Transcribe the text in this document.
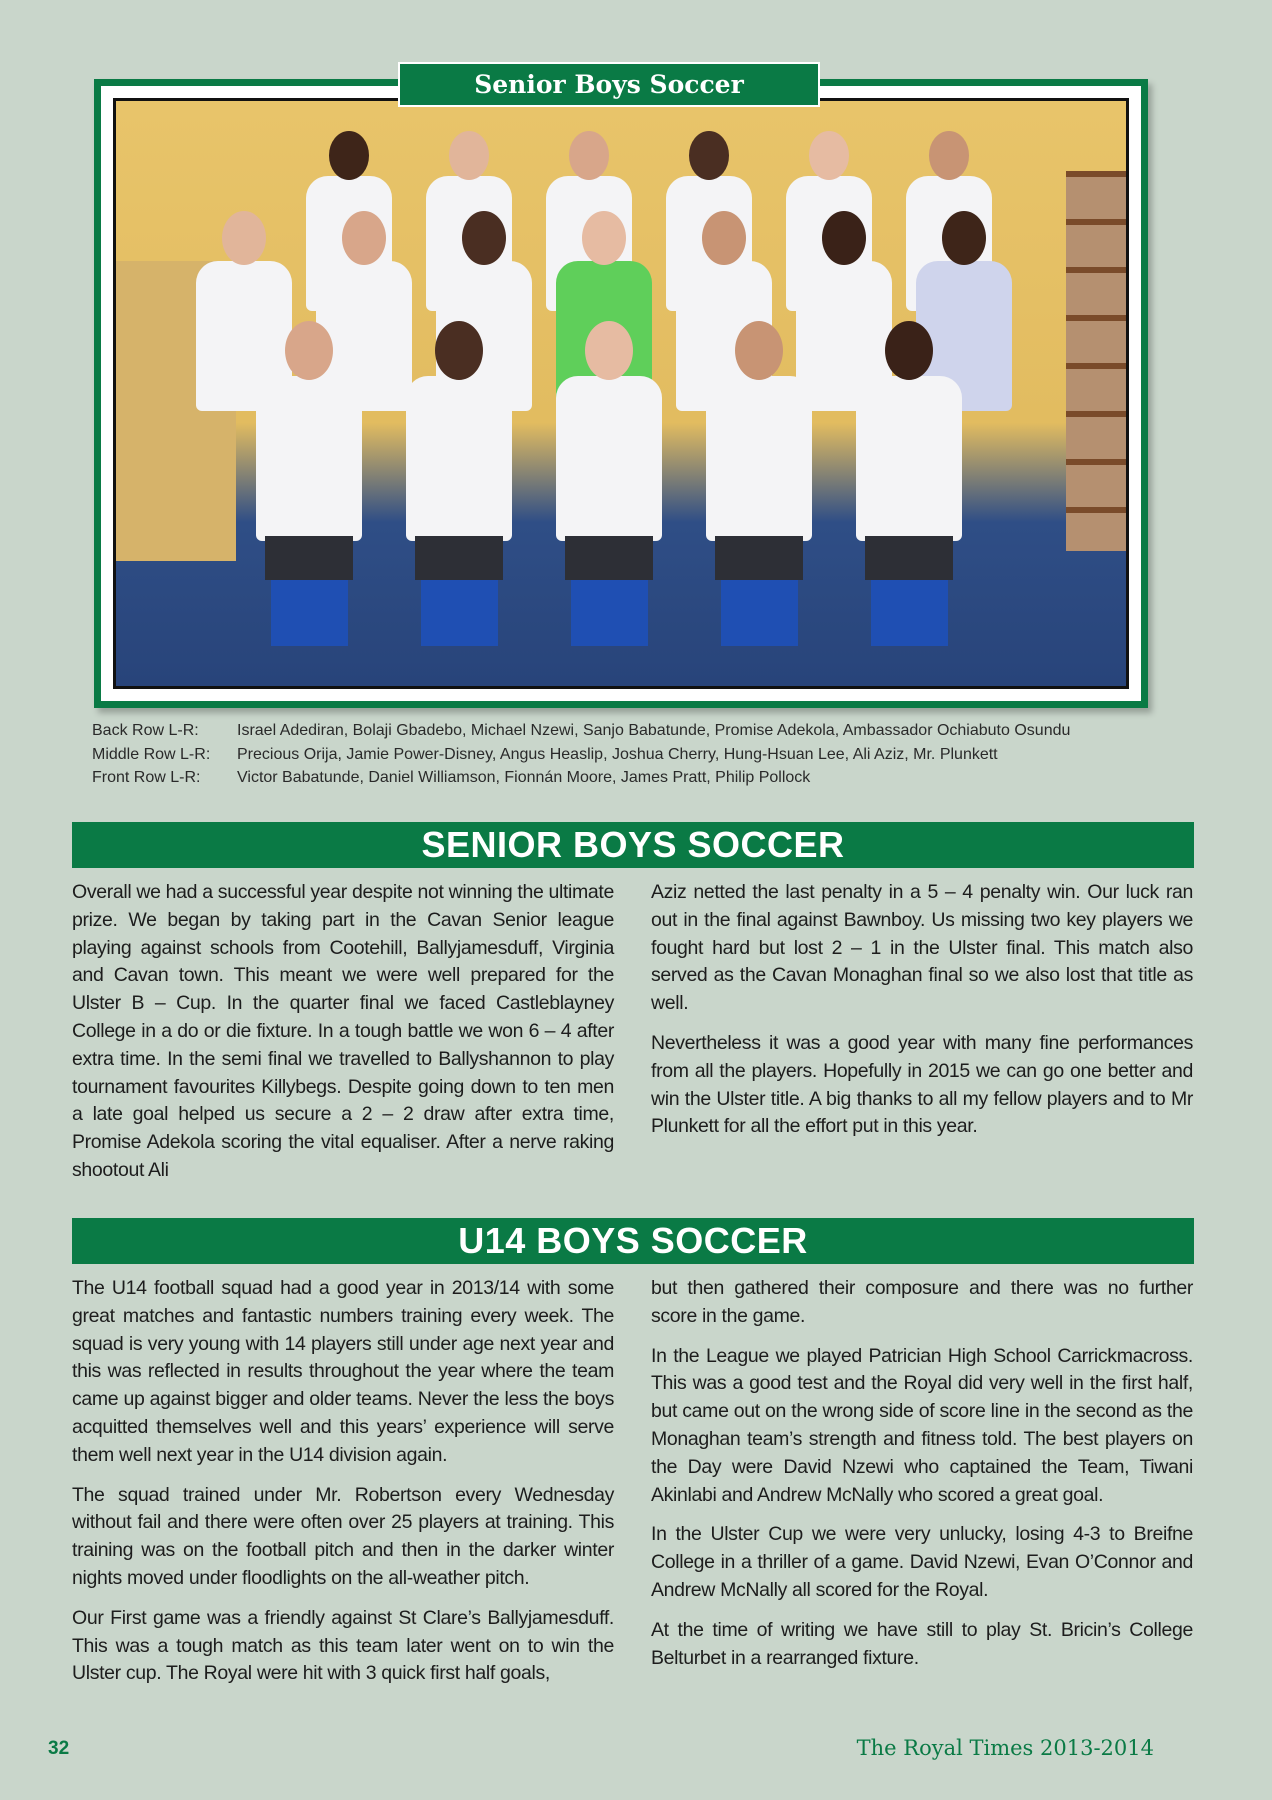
Senior Boys Soccer
Back Row L-R:	Israel Adediran, Bolaji Gbadebo, Michael Nzewi, Sanjo Babatunde, Promise Adekola, Ambassador Ochiabuto Osundu
Middle Row L-R:	Precious Orija, Jamie Power-Disney, Angus Heaslip, Joshua Cherry, Hung-Hsuan Lee, Ali Aziz, Mr. Plunkett
Front Row L-R:	Victor Babatunde, Daniel Williamson, Fionnán Moore, James Pratt, Philip Pollock
SENIOR BOYS SOCCER

Overall we had a successful year despite not winning the ultimate prize. We began by taking part in the Cavan Senior league playing against schools from Cootehill, Ballyjamesduff, Virginia and Cavan town. This meant we were well prepared for the Ulster B – Cup. In the quarter final we faced Castleblayney College in a do or die fixture. In a tough battle we won 6 – 4 after extra time. In the semi final we travelled to Ballyshannon to play tournament favourites Killybegs. Despite going down to ten men a late goal helped us secure a 2 – 2 draw after extra time, Promise Adekola scoring the vital equaliser. After a nerve raking shootout Ali

Aziz netted the last penalty in a 5 – 4 penalty win. Our luck ran out in the final against Bawnboy. Us missing two key players we fought hard but lost 2 – 1 in the Ulster final. This match also served as the Cavan Monaghan final so we also lost that title as well.

Nevertheless it was a good year with many fine performances from all the players. Hopefully in 2015 we can go one better and win the Ulster title. A big thanks to all my fellow players and to Mr Plunkett for all the effort put in this year.

U14 BOYS SOCCER

The U14 football squad had a good year in 2013/14 with some great matches and fantastic numbers training every week. The squad is very young with 14 players still under age next year and this was reflected in results throughout the year where the team came up against bigger and older teams. Never the less the boys acquitted themselves well and this years’ experience will serve them well next year in the U14 division again.

The squad trained under Mr. Robertson every Wednesday without fail and there were often over 25 players at training. This training was on the football pitch and then in the darker winter nights moved under floodlights on the all-weather pitch.

Our First game was a friendly against St Clare’s Ballyjamesduff. This was a tough match as this team later went on to win the Ulster cup. The Royal were hit with 3 quick first half goals,

but then gathered their composure and there was no further score in the game.

In the League we played Patrician High School Carrickmacross. This was a good test and the Royal did very well in the first half, but came out on the wrong side of score line in the second as the Monaghan team’s strength and fitness told. The best players on the Day were David Nzewi who captained the Team, Tiwani Akinlabi and Andrew McNally who scored a great goal.

In the Ulster Cup we were very unlucky, losing 4-3 to Breifne College in a thriller of a game. David Nzewi, Evan O’Connor and Andrew McNally all scored for the Royal.

At the time of writing we have still to play St. Bricin’s College Belturbet in a rearranged fixture.

32	The Royal Times 2013-2014
